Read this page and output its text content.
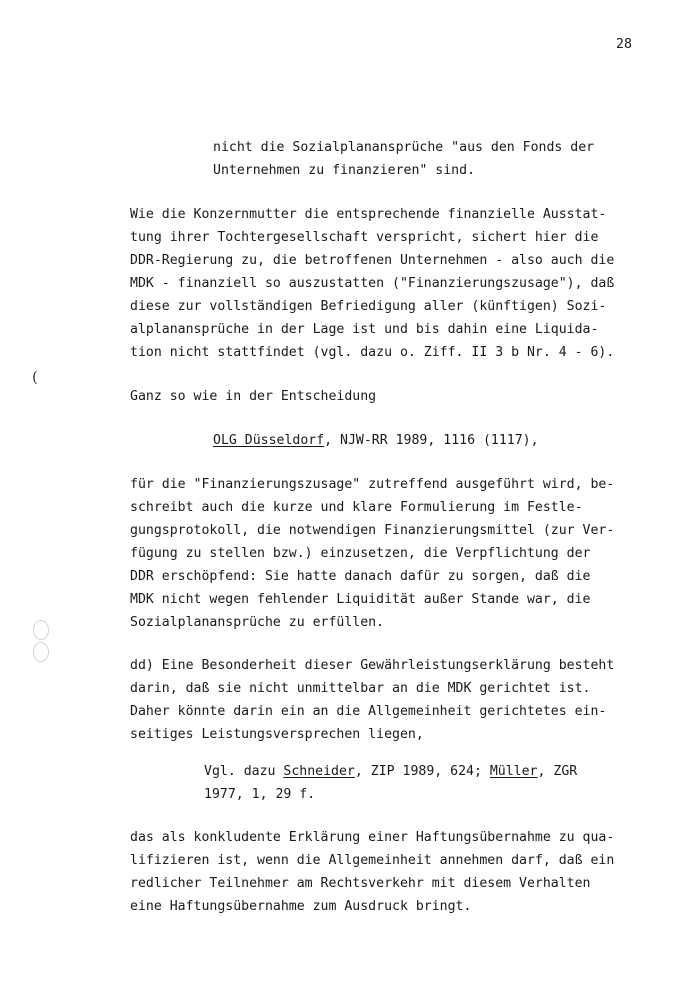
28
(
nicht die Sozialplanansprüche "aus den Fonds der
Unternehmen zu finanzieren" sind.
Wie die Konzernmutter die entsprechende finanzielle Ausstat-
tung ihrer Tochtergesellschaft verspricht, sichert hier die
DDR-Regierung zu, die betroffenen Unternehmen - also auch die
MDK - finanziell so auszustatten ("Finanzierungszusage"), daß
diese zur vollständigen Befriedigung aller (künftigen) Sozi-
alplanansprüche in der Lage ist und bis dahin eine Liquida-
tion nicht stattfindet (vgl. dazu o. Ziff. II 3 b Nr. 4 - 6).
Ganz so wie in der Entscheidung
OLG Düsseldorf, NJW-RR 1989, 1116 (1117),
für die "Finanzierungszusage" zutreffend ausgeführt wird, be-
schreibt auch die kurze und klare Formulierung im Festle-
gungsprotokoll, die notwendigen Finanzierungsmittel (zur Ver-
fügung zu stellen bzw.) einzusetzen, die Verpflichtung der
DDR erschöpfend: Sie hatte danach dafür zu sorgen, daß die
MDK nicht wegen fehlender Liquidität außer Stande war, die
Sozialplanansprüche zu erfüllen.
dd) Eine Besonderheit dieser Gewährleistungserklärung besteht
darin, daß sie nicht unmittelbar an die MDK gerichtet ist.
Daher könnte darin ein an die Allgemeinheit gerichtetes ein-
seitiges Leistungsversprechen liegen,
Vgl. dazu Schneider, ZIP 1989, 624; Müller, ZGR
1977, 1, 29 f.
das als konkludente Erklärung einer Haftungsübernahme zu qua-
lifizieren ist, wenn die Allgemeinheit annehmen darf, daß ein
redlicher Teilnehmer am Rechtsverkehr mit diesem Verhalten
eine Haftungsübernahme zum Ausdruck bringt.
